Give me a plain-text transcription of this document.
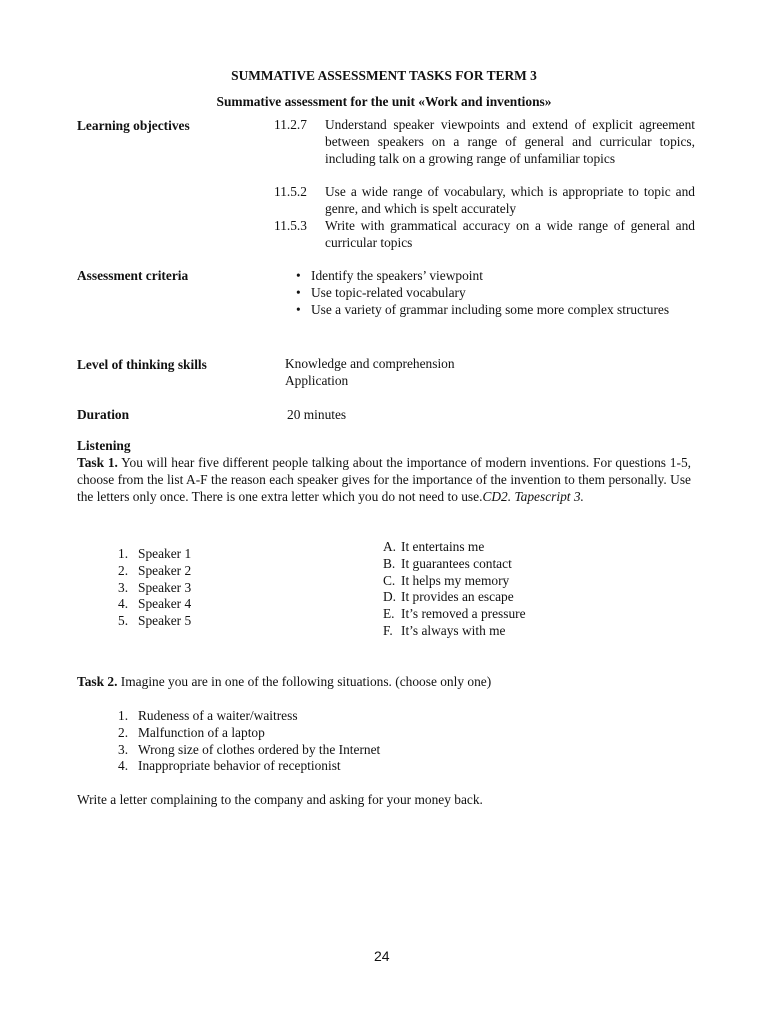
SUMMATIVE ASSESSMENT TASKS FOR TERM 3
Summative assessment for the unit «Work and inventions»
Learning objectives	11.2.7 Understand speaker viewpoints and extend of explicit agreement between speakers on a range of general and curricular topics, including talk on a growing range of unfamiliar topics
11.5.2 Use a wide range of vocabulary, which is appropriate to topic and genre, and which is spelt accurately
11.5.3 Write with grammatical accuracy on a wide range of general and curricular topics
Assessment criteria
•	Identify the speakers’ viewpoint
• Use topic-related vocabulary
• Use a variety of grammar including some more complex structures
Level of thinking skills	Knowledge and comprehension
Application
Duration	20 minutes
Listening
Task 1. You will hear five different people talking about the importance of modern inventions. For questions 1-5, choose from the list A-F the reason each speaker gives for the importance of the invention to them personally. Use the letters only once. There is one extra letter which you do not need to use.CD2. Tapescript 3.
1. Speaker 1
2. Speaker 2
3. Speaker 3
4. Speaker 4
5. Speaker 5
A. It entertains me
B. It guarantees contact
C. It helps my memory
D. It provides an escape
E. It’s removed a pressure
F. It’s always with me
Task 2. Imagine you are in one of the following situations. (choose only one)
1. Rudeness of a waiter/waitress
2. Malfunction of a laptop
3. Wrong size of clothes ordered by the Internet
4. Inappropriate behavior of receptionist
Write a letter complaining to the company and asking for your money back.
24
